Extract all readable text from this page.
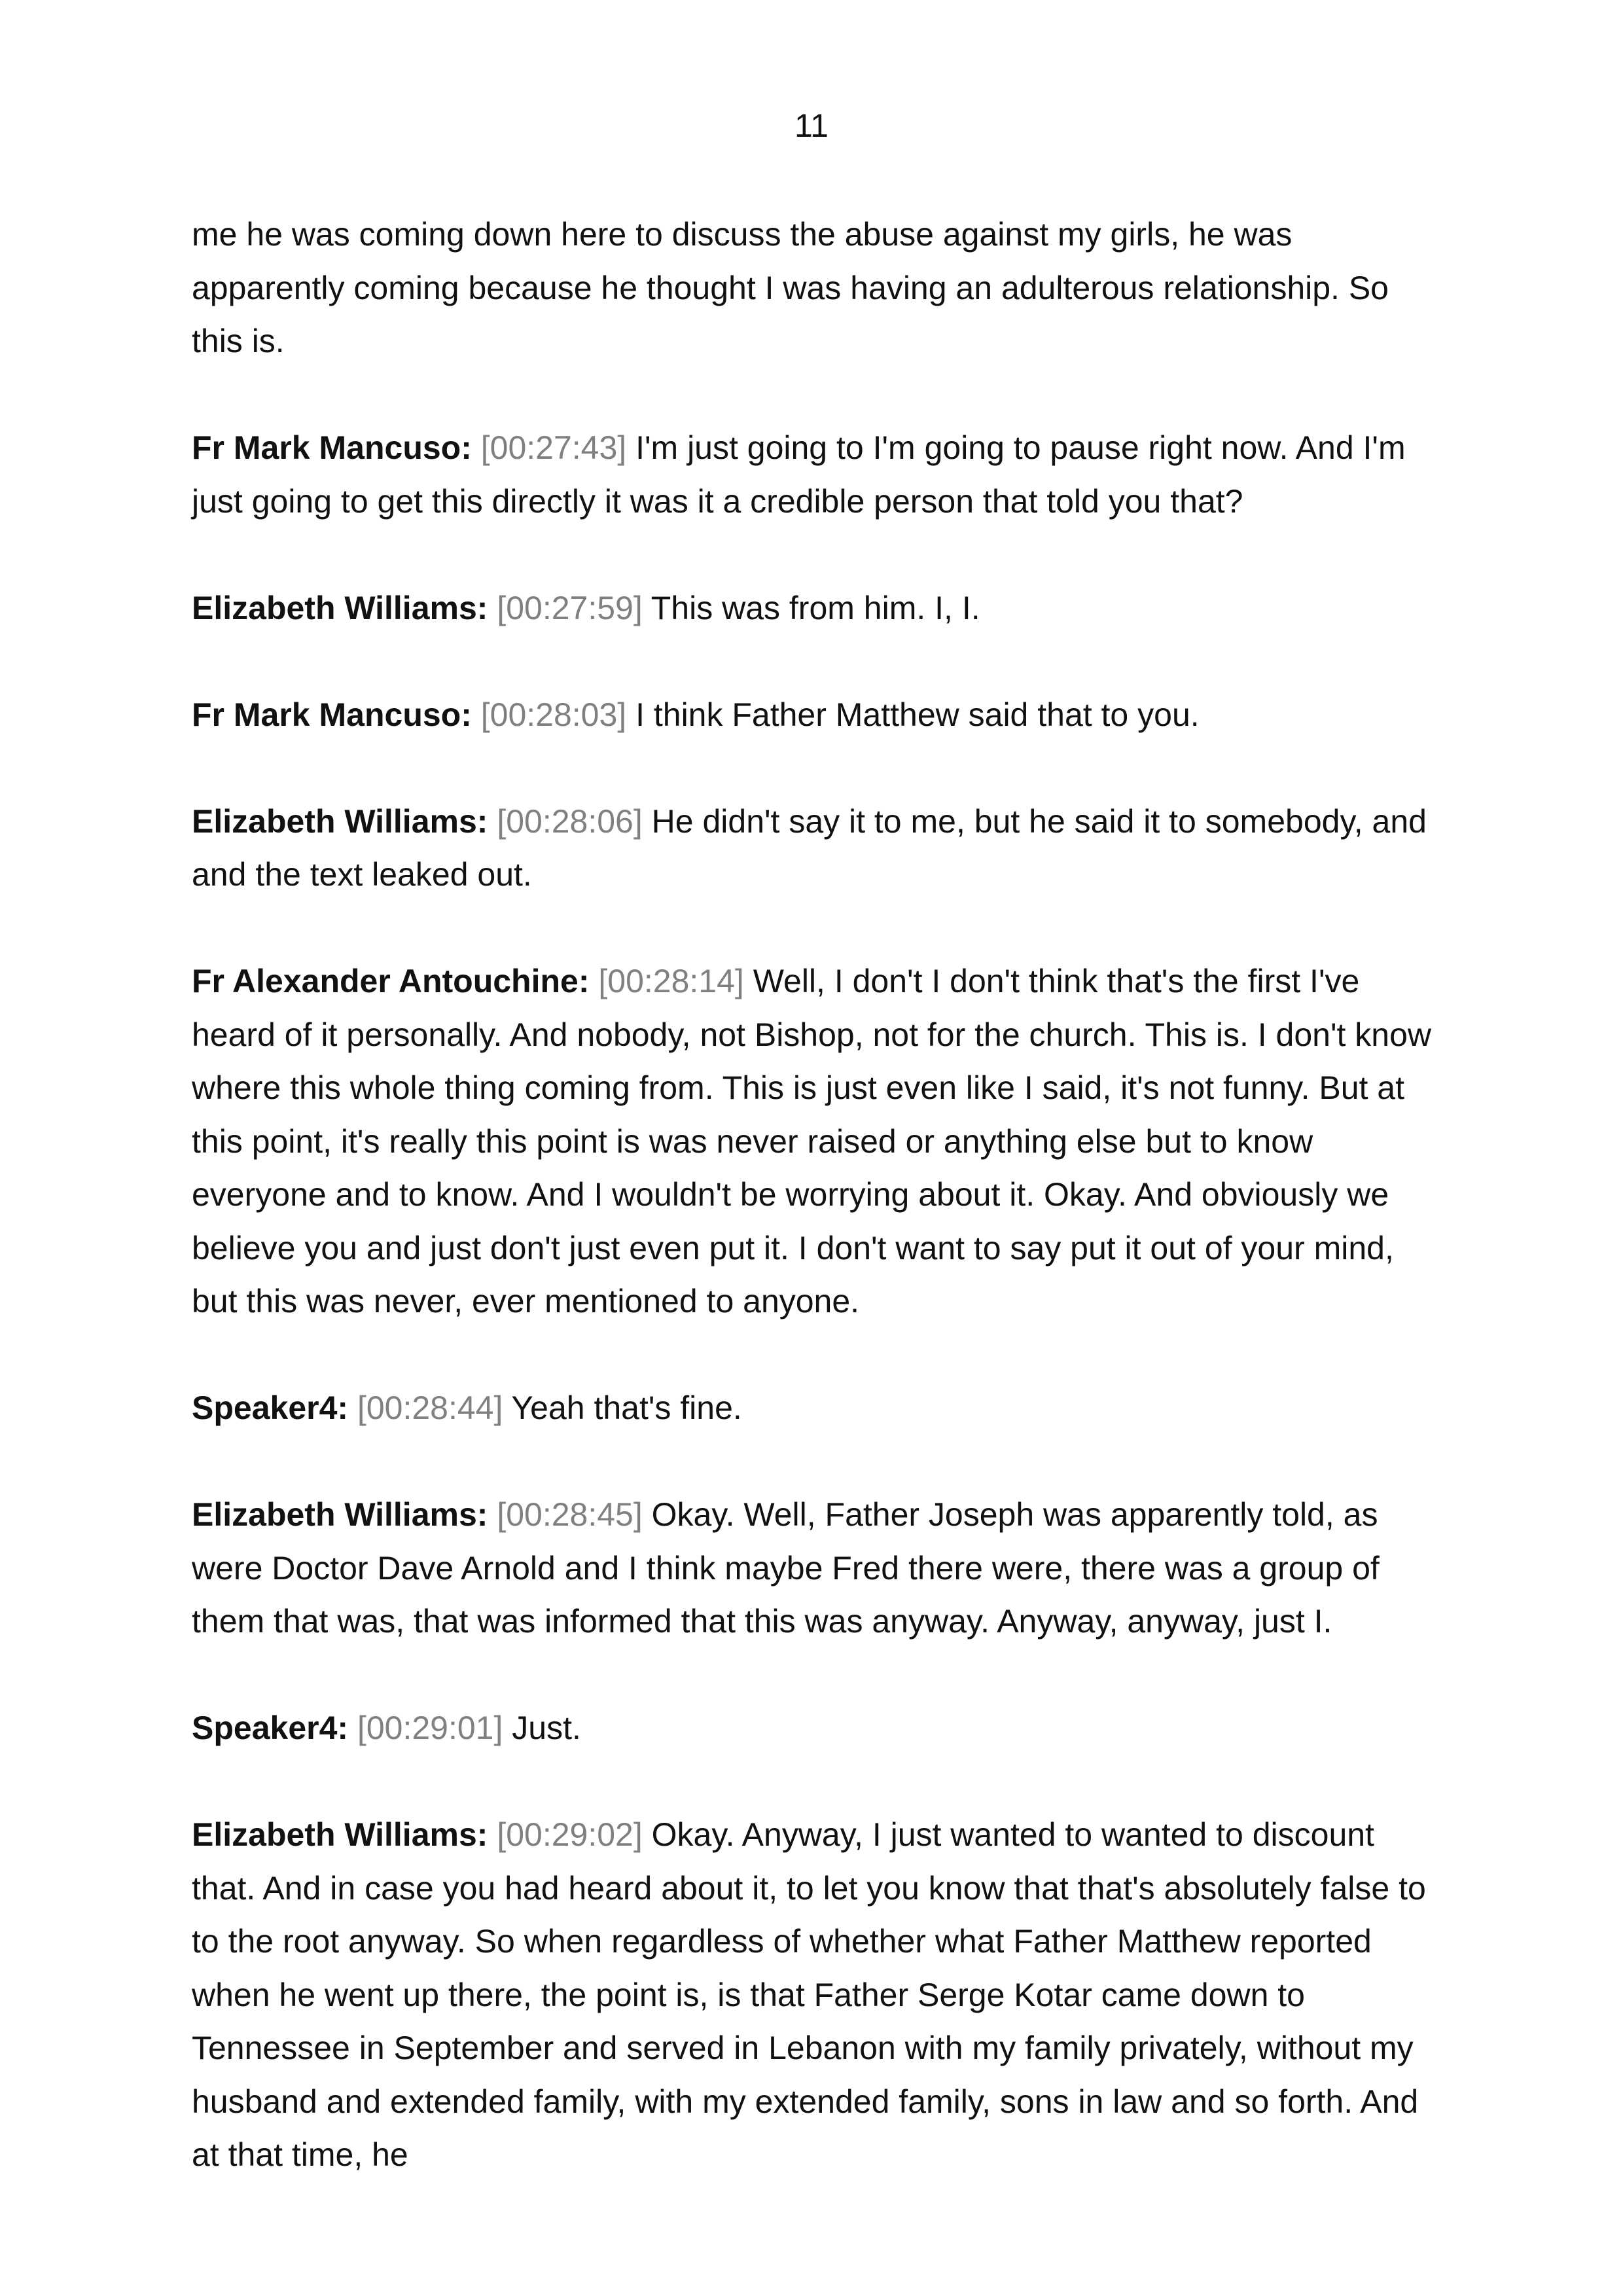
11

me he was coming down here to discuss the abuse against my girls, he was apparently coming because he thought I was having an adulterous relationship. So this is.

Fr Mark Mancuso: [00:27:43] I'm just going to I'm going to pause right now. And I'm just going to get this directly it was it a credible person that told you that?

Elizabeth Williams: [00:27:59] This was from him. I, I.

Fr Mark Mancuso: [00:28:03] I think Father Matthew said that to you.

Elizabeth Williams: [00:28:06] He didn't say it to me, but he said it to somebody, and and the text leaked out.

Fr Alexander Antouchine: [00:28:14] Well, I don't I don't think that's the first I've heard of it personally. And nobody, not Bishop, not for the church. This is. I don't know where this whole thing coming from. This is just even like I said, it's not funny. But at this point, it's really this point is was never raised or anything else but to know everyone and to know. And I wouldn't be worrying about it. Okay. And obviously we believe you and just don't just even put it. I don't want to say put it out of your mind, but this was never, ever mentioned to anyone.

Speaker4: [00:28:44] Yeah that's fine.

Elizabeth Williams: [00:28:45] Okay. Well, Father Joseph was apparently told, as were Doctor Dave Arnold and I think maybe Fred there were, there was a group of them that was, that was informed that this was anyway. Anyway, anyway, just I.

Speaker4: [00:29:01] Just.

Elizabeth Williams: [00:29:02] Okay. Anyway, I just wanted to wanted to discount that. And in case you had heard about it, to let you know that that's absolutely false to to the root anyway. So when regardless of whether what Father Matthew reported when he went up there, the point is, is that Father Serge Kotar came down to Tennessee in September and served in Lebanon with my family privately, without my husband and extended family, with my extended family, sons in law and so forth. And at that time, he
